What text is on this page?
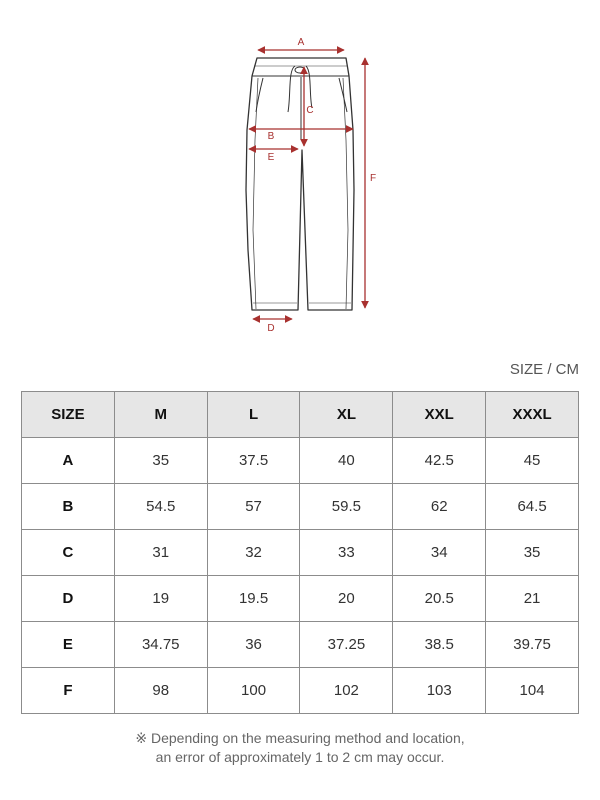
A
B
C
D
E
F
SIZE / CM
SIZE	M	L	XL	XXL	XXXL
A	35	37.5	40	42.5	45
B	54.5	57	59.5	62	64.5
C	31	32	33	34	35
D	19	19.5	20	20.5	21
E	34.75	36	37.25	38.5	39.75
F	98	100	102	103	104
※ Depending on the measuring method and location,
an error of approximately 1 to 2 cm may occur.
